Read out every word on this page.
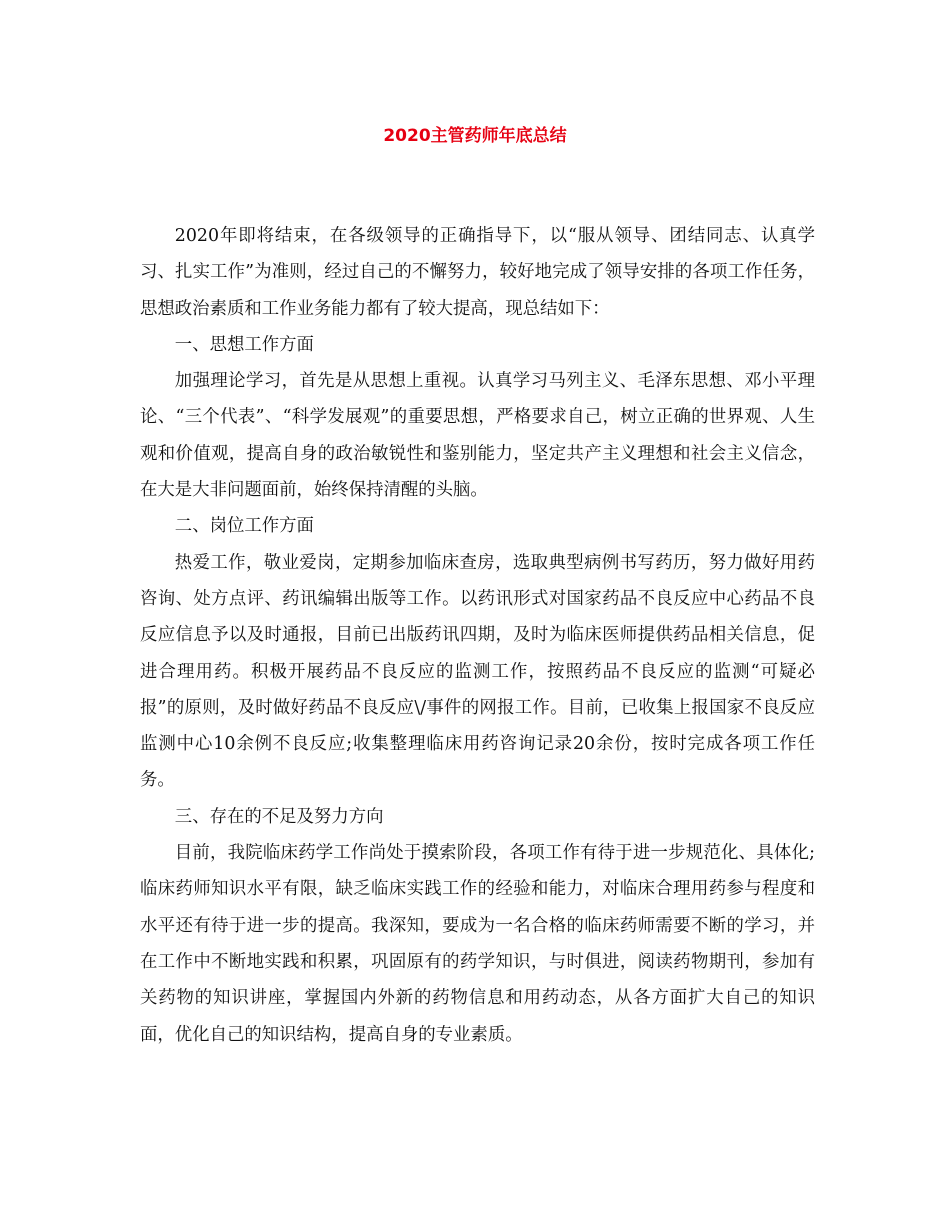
2020主管药师年底总结

2020年即将结束，在各级领导的正确指导下，以“服从领导、团结同志、认真学习、扎实工作”为准则，经过自己的不懈努力，较好地完成了领导安排的各项工作任务，思想政治素质和工作业务能力都有了较大提高，现总结如下：

一、思想工作方面

加强理论学习，首先是从思想上重视。认真学习马列主义、毛泽东思想、邓小平理论、“三个代表”、“科学发展观”的重要思想，严格要求自己，树立正确的世界观、人生观和价值观，提高自身的政治敏锐性和鉴别能力，坚定共产主义理想和社会主义信念，在大是大非问题面前，始终保持清醒的头脑。

二、岗位工作方面

热爱工作，敬业爱岗，定期参加临床查房，选取典型病例书写药历，努力做好用药咨询、处方点评、药讯编辑出版等工作。以药讯形式对国家药品不良反应中心药品不良反应信息予以及时通报，目前已出版药讯四期，及时为临床医师提供药品相关信息，促进合理用药。积极开展药品不良反应的监测工作，按照药品不良反应的监测“可疑必报”的原则，及时做好药品不良反应\/事件的网报工作。目前，已收集上报国家不良反应监测中心10余例不良反应;收集整理临床用药咨询记录20余份，按时完成各项工作任务。

三、存在的不足及努力方向

目前，我院临床药学工作尚处于摸索阶段，各项工作有待于进一步规范化、具体化;临床药师知识水平有限，缺乏临床实践工作的经验和能力，对临床合理用药参与程度和水平还有待于进一步的提高。我深知，要成为一名合格的临床药师需要不断的学习，并在工作中不断地实践和积累，巩固原有的药学知识，与时俱进，阅读药物期刊，参加有关药物的知识讲座，掌握国内外新的药物信息和用药动态，从各方面扩大自己的知识面，优化自己的知识结构，提高自身的专业素质。
